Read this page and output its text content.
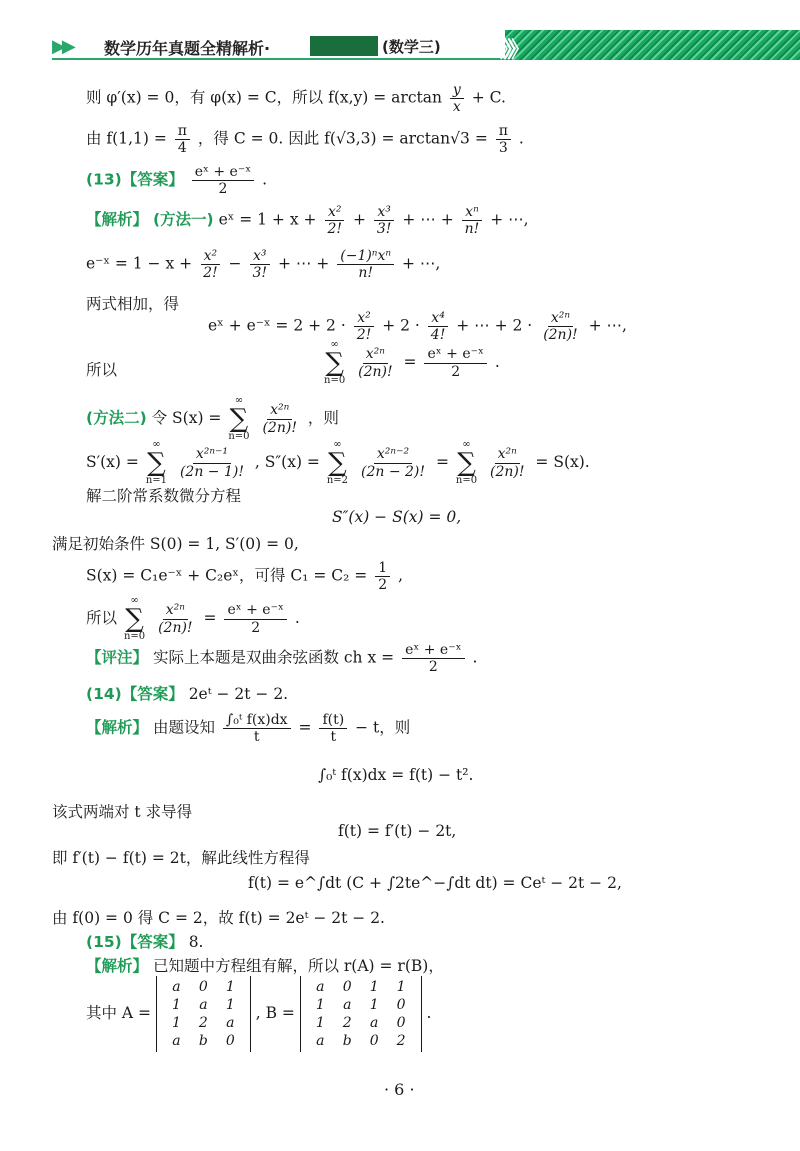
▶▶ 数学历年真题全精解析·	(数学三)	》》》
则 φ′(x) = 0，有 φ(x) = C，所以 $f(x,y) = \arctan \frac{y}{x} + C$.
由 $f(1,1) = \frac{\pi}{4}$ ，得 C = 0. 因此 $f(√3,3) = \arctan√3 = \frac{\pi}{3}$ .
(13)【答案】 $\frac{\text{eˣ + e⁻ˣ}}{2}$ .
【解析】 (方法一) eˣ = $1 + x + \frac{\text{x²}}{2!} + \frac{\text{x³}}{3!}$ + ⋯ + $\frac{\text{xⁿ}}{n!}$ + ⋯,
e⁻ˣ = $1 - x + \frac{\text{x²}}{2!} - \frac{\text{x³}}{3!}$ + ⋯ + $\frac{\text{(−1)ⁿxⁿ}}{n!}$ + ⋯,
两式相加，得
eˣ + e⁻ˣ = $2 + 2 \cdot \frac{\text{x²}}{2!} + 2 \cdot \frac{\text{x⁴}}{4!}$ + ⋯ + $2 \cdot \frac{\text{x²ⁿ}}{(2n)!}$ + ⋯,
所以
∞
∑
n=0

$\frac{\text{x²ⁿ}}{(2n)!} = \frac{\text{eˣ + e⁻ˣ}}{2}$ .
(方法二) 令 S(x) =
∞
∑
n=0

$\frac{\text{x²ⁿ}}{(2n)!}$ ，则
S′(x) =
∞
∑
n=1

$\frac{\text{x²ⁿ⁻¹}}{(2n - 1)!}$ , S″(x) =
∞
∑
n=2

$\frac{\text{x²ⁿ⁻²}}{(2n - 2)!}$ =
∞
∑
n=0

$\frac{\text{x²ⁿ}}{(2n)!} = S(x)$.
解二阶常系数微分方程
S″(x) − S(x) = 0,
满足初始条件 S(0) = 1, S′(0) = 0,
S(x) = C₁e⁻ˣ + C₂eˣ，可得 $C_1 = C_2 = \frac{1}{2}$ ,
所以
∞
∑
n=0

$\frac{\text{x²ⁿ}}{(2n)!} = \frac{\text{eˣ + e⁻ˣ}}{2}$ .
【评注】 实际上本题是双曲余弦函数 ch $x = \frac{\text{eˣ + e⁻ˣ}}{2}$ .
(14)【答案】 2eᵗ − 2t − 2.
【解析】 由题设知 $\frac{\text{∫₀ᵗ f(x)dx}}{t} = \frac{f(t)}{t} - t$，则
∫₀ᵗ f(x)dx = f(t) − t².
该式两端对 t 求导得
f(t) = f′(t) − 2t,
即 f′(t) − f(t) = 2t，解此线性方程得
f(t) = e^∫dt (C + ∫2te^−∫dt dt) = Ceᵗ − 2t − 2,
由 f(0) = 0 得 C = 2，故 f(t) = 2eᵗ − 2t − 2.
(15)【答案】 8.
【解析】 已知题中方程组有解，所以 r(A) = r(B)，
其中 A =
a	0	1
1	a	1
1	2	a
a	b	0
, B =
a	0	1	1
1	a	1	0
1	2	a	0
a	b	0	2
.
· 6 ·
